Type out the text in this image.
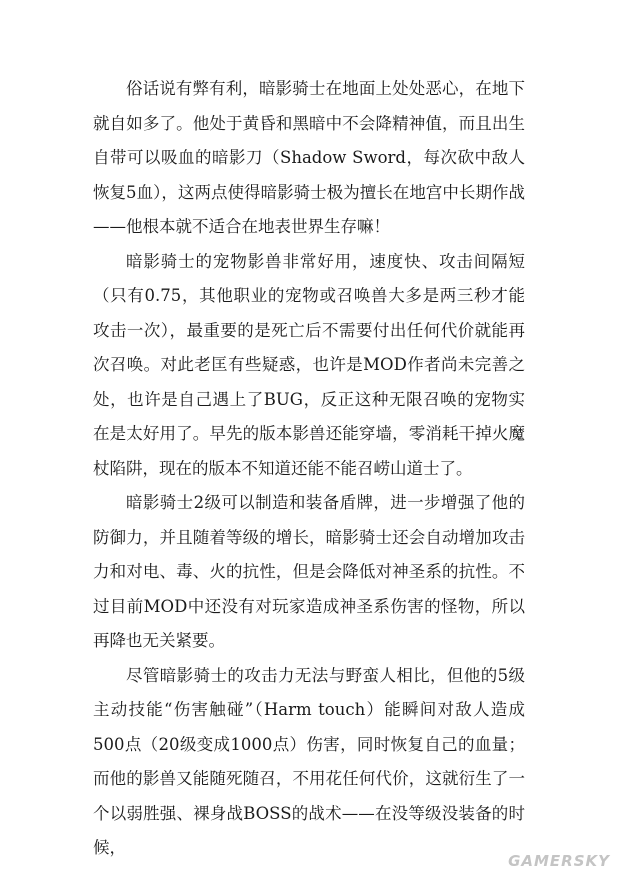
俗话说有弊有利，暗影骑士在地面上处处恶心，在地下就自如多了。他处于黄昏和黑暗中不会降精神值，而且出生自带可以吸血的暗影刀（Shadow Sword，每次砍中敌人恢复5血），这两点使得暗影骑士极为擅长在地宫中长期作战——他根本就不适合在地表世界生存嘛！

暗影骑士的宠物影兽非常好用，速度快、攻击间隔短（只有0.75，其他职业的宠物或召唤兽大多是两三秒才能攻击一次），最重要的是死亡后不需要付出任何代价就能再次召唤。对此老匡有些疑惑，也许是MOD作者尚未完善之处，也许是自己遇上了BUG，反正这种无限召唤的宠物实在是太好用了。早先的版本影兽还能穿墙，零消耗干掉火魔杖陷阱，现在的版本不知道还能不能召崂山道士了。

暗影骑士2级可以制造和装备盾牌，进一步增强了他的防御力，并且随着等级的增长，暗影骑士还会自动增加攻击力和对电、毒、火的抗性，但是会降低对神圣系的抗性。不过目前MOD中还没有对玩家造成神圣系伤害的怪物，所以再降也无关紧要。

尽管暗影骑士的攻击力无法与野蛮人相比，但他的5级主动技能“伤害触碰”（Harm touch）能瞬间对敌人造成500点（20级变成1000点）伤害，同时恢复自己的血量；而他的影兽又能随死随召，不用花任何代价，这就衍生了一个以弱胜强、裸身战BOSS的战术——在没等级没装备的时候，

GAMERSKY
